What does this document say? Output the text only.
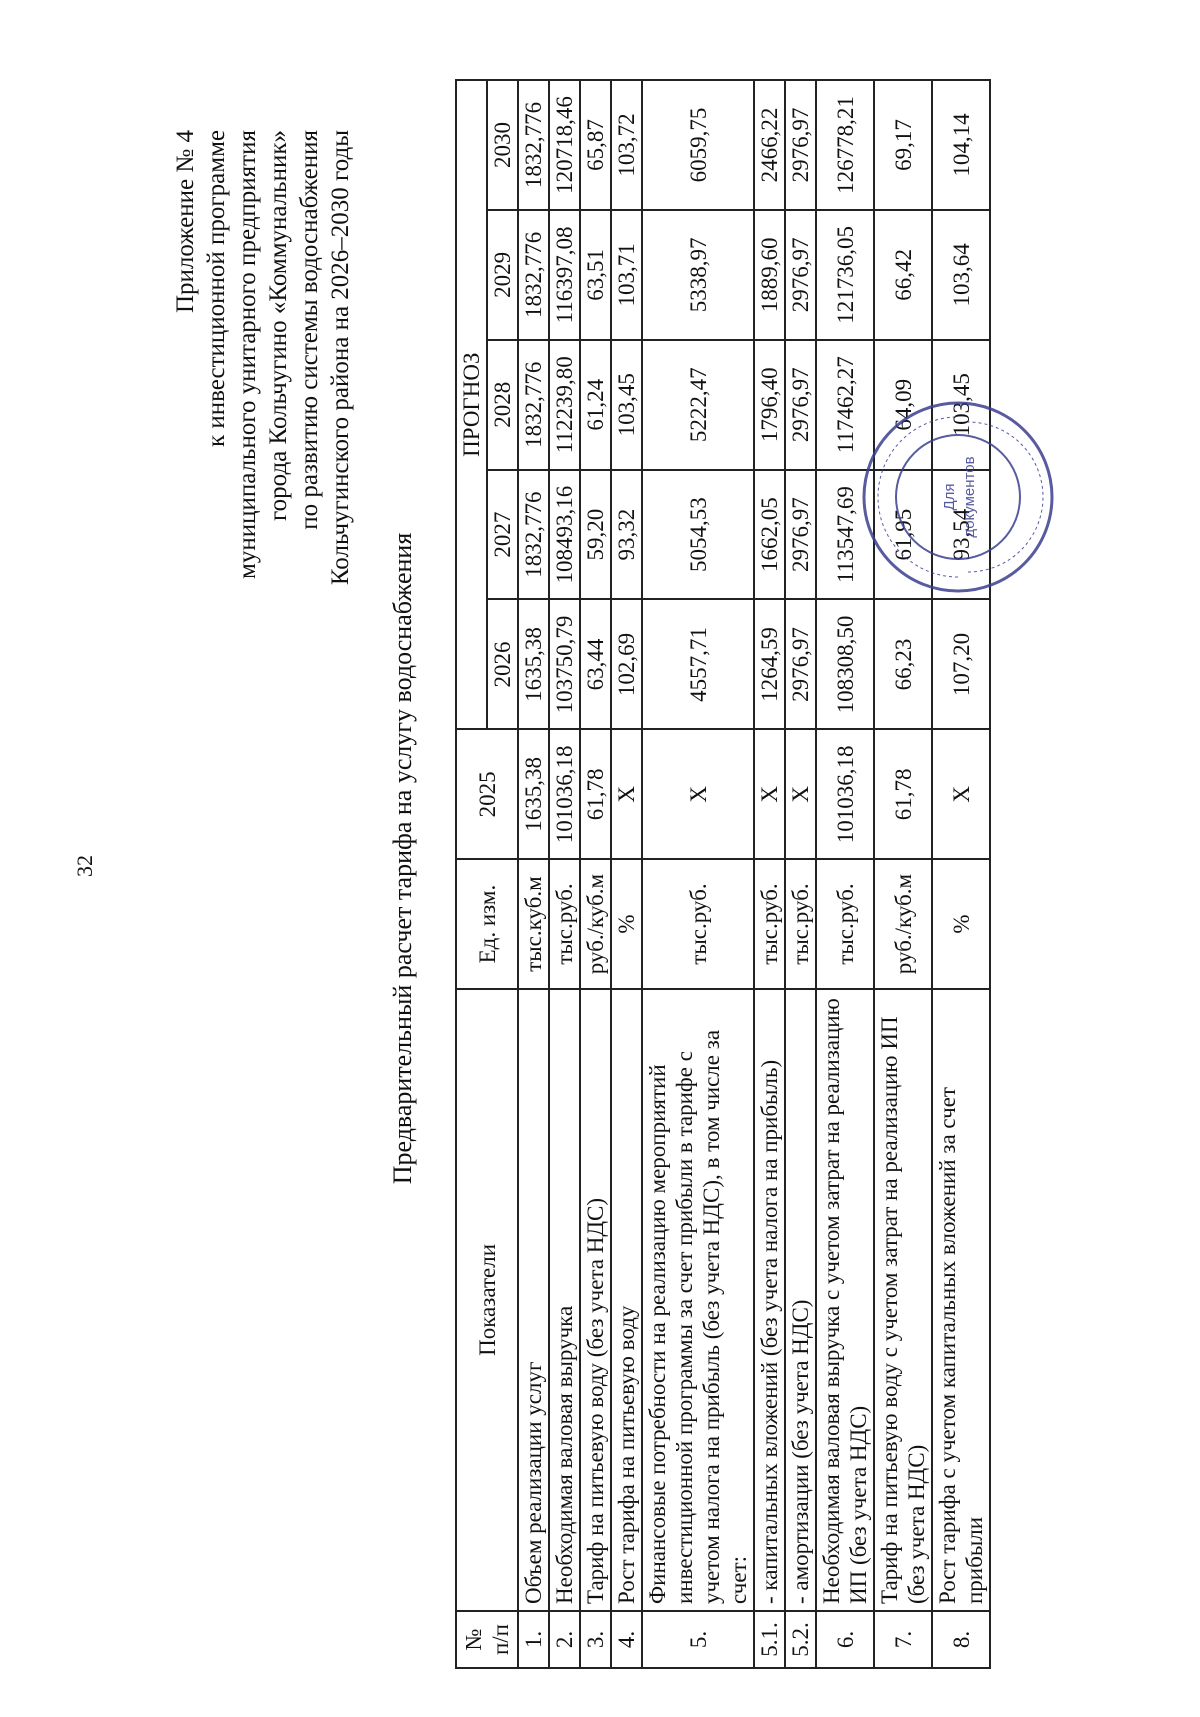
32
Приложение № 4 к инвестиционной программе муниципального унитарного предприятия города Кольчугино «Коммунальник» по развитию системы водоснабжения Кольчугинского района на 2026–2030 годы
Предварительный расчет тарифа на услугу водоснабжения
№ п/п	Показатели	Ед. изм.	2025	ПРОГНОЗ				
				2026	2027	2028	2029	2030
1.	Объем реализации услуг	тыс.куб.м	1635,38	1635,38	1832,776	1832,776	1832,776	1832,776
2.	Необходимая валовая выручка	тыс.руб.	101036,18	103750,79	108493,16	112239,80	116397,08	120718,46
3.	Тариф на питьевую воду (без учета НДС)	руб./куб.м	61,78	63,44	59,20	61,24	63,51	65,87
4.	Рост тарифа на питьевую воду	%	X	102,69	93,32	103,45	103,71	103,72
5.	Финансовые потребности на реализацию мероприятий инвестиционной программы за счет прибыли в тарифе с учетом налога на прибыль (без учета НДС), в том числе за счет:	тыс.руб.	X	4557,71	5054,53	5222,47	5338,97	6059,75
5.1.	- капитальных вложений (без учета налога на прибыль)	тыс.руб.	X	1264,59	1662,05	1796,40	1889,60	2466,22
5.2.	- амортизации (без учета НДС)	тыс.руб.	X	2976,97	2976,97	2976,97	2976,97	2976,97
6.	Необходимая валовая выручка с учетом затрат на реализацию ИП (без учета НДС)	тыс.руб.	101036,18	108308,50	113547,69	117462,27	121736,05	126778,21
7.	Тариф на питьевую воду с учетом затрат на реализацию ИП (без учета НДС)	руб./куб.м	61,78	66,23	61,95	64,09	66,42	69,17
8.	Рост тарифа с учетом капитальных вложений за счет прибыли	%	X	107,20	93,54	103,45	103,64	104,14
Для документов
